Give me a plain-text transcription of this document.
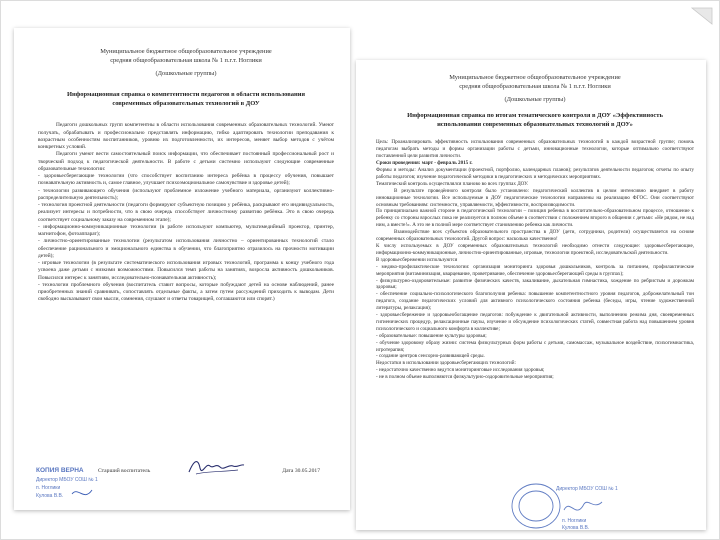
Муниципальное бюджетное общеобразовательное учреждение
средняя общеобразовательная школа № 1 п.г.т. Ноглики
(Дошкольные группы)
Информационная справка о компетентности педагогов в области использования
современных образовательных технологий в ДОУ

Педагоги дошкольных групп компетентны в области использования современных образовательных технологий. Умеют получать, обрабатывать и профессионально представлять информацию, гибко адаптировать технологии преподавания к возрастным особенностям воспитанников, уровню их подготовленности, их интересов, меняет выбор методов с учётом конкретных условий.

Педагоги умеют вести самостоятельный поиск информации, что обеспечивает постоянный профессиональный рост и творческий подход к педагогической деятельности. В работе с детьми системно используют следующие современные образовательные технологии:

- здоровьесберегающие технологии (что способствует воспитанию интереса ребёнка в процессу обучения, повышает познавательную активность и, самое главное, улучшает психоэмоциональное самочувствие и здоровье детей);

- технологии развивающего обучения (используют проблемное изложение учебного материала, организуют коллективно-распределительную деятельность);

- технология проектной деятельности (педагоги формируют субъектную позицию у ребёнка, раскрывают его индивидуальность, реализует интересы и потребности, что в свою очередь способствует личностному развитию ребёнка. Это в свою очередь соответствует социальному заказу на современном этапе);

- информационно-коммуникационные технологии (в работе используют компьютер, мультимедийный проектор, принтер, магнитофон, фотоаппарат);

- личностно-ориентированные технологии (результатом использования личностно – ориентированных технологий стало обеспечение рационального и эмоционального единства в обучении, что благоприятно отразилось на прочности мотивации детей);

- игровые технологии (в результате систематического использования игровых технологий, программа к концу учебного года усвоена даже детьми с низкими возможностями. Повысился темп работы на занятиях, возросла активность дошкольников. Повысился интерес к занятиям, исследовательно-познавательная активность);

- технологии проблемного обучения (воспитатель ставит вопросы, которые побуждают детей на основе наблюдений, ранее приобретенных знаний сравнивать, сопоставлять отдельные факты, а затем путем рассуждений приходить к выводам. Дети свободно высказывают свои мысли, сомнения, слушают и ответы товарищей, соглашаются или спорят.)

Старший воспитатель	Дата 30.05.2017
КОПИЯ ВЕРНА
Директор МБОУ СОШ № 1
п. Ноглики
Кулова В.В.
Муниципальное бюджетное общеобразовательное учреждение
средняя общеобразовательная школа № 1 п.г.т. Ноглики
(Дошкольные группы)
Информационная справка по итогам тематического контроля в ДОУ «Эффективность
использования современных образовательных технологий в ДОУ»

Цель: Проанализировать эффективность использования современных образовательных технологий в каждой возрастной группе; помочь педагогам выбрать методы и формы организации работы с детьми, инновационные технологии, которые оптимально соответствуют поставленной цели развития личности.

Сроки проведения: март - февраль 2015 г.

Формы и методы: Анализ документации (проектной, портфолио, календарных планов); результатов деятельности педагогов; отчеты по опыту работы педагогов; изучение педагогической методики в педагогических и методических мероприятиях.

Тематический контроль осуществлялся планово во всех группах ДОУ.

В результате проведённого контроля было установлено: педагогический коллектив в целом интенсивно внедряет в работу инновационные технологии. Все используемые в ДОУ педагогические технологии направлены на реализацию ФГОС. Они соответствуют основным требованиям: системности, управляемости, эффективности, воспроизводимости.

По принципиально важной стороне в педагогической технологии – позиция ребенка в воспитательно-образовательном процессе, отношение к ребенку со стороны взрослых пока не реализуется в полном объеме в соответствии с положением второго в общении с детьми: «Не рядом, не над ним, а вместе!». А это не в полной мере соответствует становлению ребенка как личности.

Взаимодействие всех субъектов образовательного пространства в ДОУ (дети, сотрудники, родители) осуществляется на основе современных образовательных технологий. Другой вопрос: насколько качественно!

К числу используемых в ДОУ современных образовательных технологий необходимо отнести следующие: здоровьесберегающие, информационно-коммуникационные, личностно-ориентированные, игровые, технологии проектной, исследовательской деятельности.

В здоровьесбережении используются

- медико-профилактические технологии: организация мониторинга здоровья дошкольников, контроль за питанием, профилактические мероприятия (витаминизация, кварцевание, проветривание, обеспечение здоровьесберегающей среды в группах);

- физкультурно-оздоровительные: развитие физических качеств, закаливание, дыхательная гимнастика, хождение по ребристым и дорожкам здоровья;

- обеспечение социально-психологического благополучия ребенка: повышение компетентностного уровня педагогов, доброжелательный тон педагога, создание педагогических условий для активного психологического состояния ребенка (беседы, игры, чтение художественной литературы, релаксация);

- здоровьесбережение и здоровьеобогащение педагогов: побуждение к двигательной активности, выполнению режима дня, своевременных гигиенических процедур, релаксационные паузы, изучение и обсуждение психологических статей, совместная работа над повышением уровня психологического и социального комфорта в коллективе;

- образовательные: повышение культуры здоровья;

- обучение здоровому образу жизни: система физкультурных форм работы с детьми, самомассаж, музыкальное воздействие, психогимнастика, игротерапия;

- создание центров сенсорно-развивающей среды.

Недостатки в использовании здоровьесберегающих технологий:

- недостаточно качественно ведутся мониторинговые исследования здоровья;

- не в полном объеме выполняются физкультурно-оздоровительные мероприятия;

Директор МБОУ СОШ № 1
п. Ноглики
Кулова В.В.
